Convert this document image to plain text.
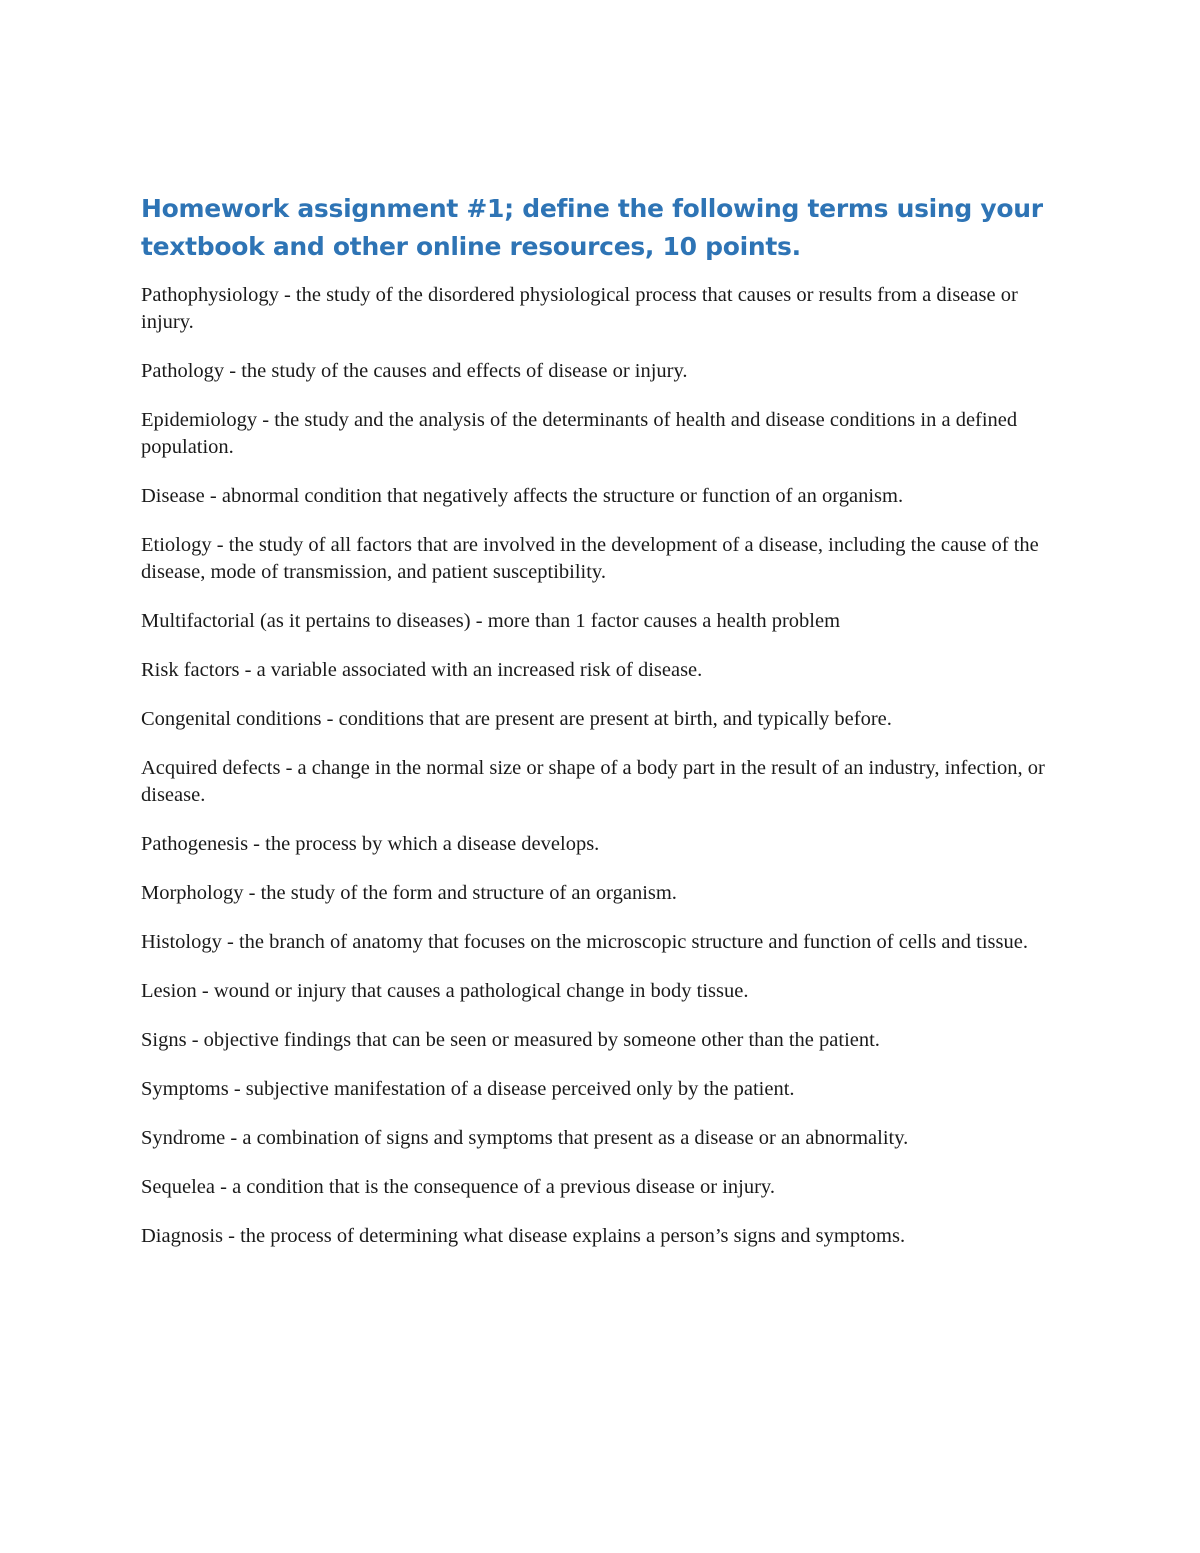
Homework assignment #1; define the following terms using your textbook and other online resources, 10 points.
Pathophysiology - the study of the disordered physiological process that causes or results from a disease or injury.
Pathology - the study of the causes and effects of disease or injury.
Epidemiology - the study and the analysis of the determinants of health and disease conditions in a defined population.
Disease - abnormal condition that negatively affects the structure or function of an organism.
Etiology - the study of all factors that are involved in the development of a disease, including the cause of the disease, mode of transmission, and patient susceptibility.
Multifactorial (as it pertains to diseases) - more than 1 factor causes a health problem
Risk factors - a variable associated with an increased risk of disease.
Congenital conditions - conditions that are present are present at birth, and typically before.
Acquired defects - a change in the normal size or shape of a body part in the result of an industry, infection, or disease.
Pathogenesis - the process by which a disease develops.
Morphology - the study of the form and structure of an organism.
Histology - the branch of anatomy that focuses on the microscopic structure and function of cells and tissue.
Lesion - wound or injury that causes a pathological change in body tissue.
Signs - objective findings that can be seen or measured by someone other than the patient.
Symptoms - subjective manifestation of a disease perceived only by the patient.
Syndrome - a combination of signs and symptoms that present as a disease or an abnormality.
Sequelea - a condition that is the consequence of a previous disease or injury.
Diagnosis - the process of determining what disease explains a person’s signs and symptoms.
